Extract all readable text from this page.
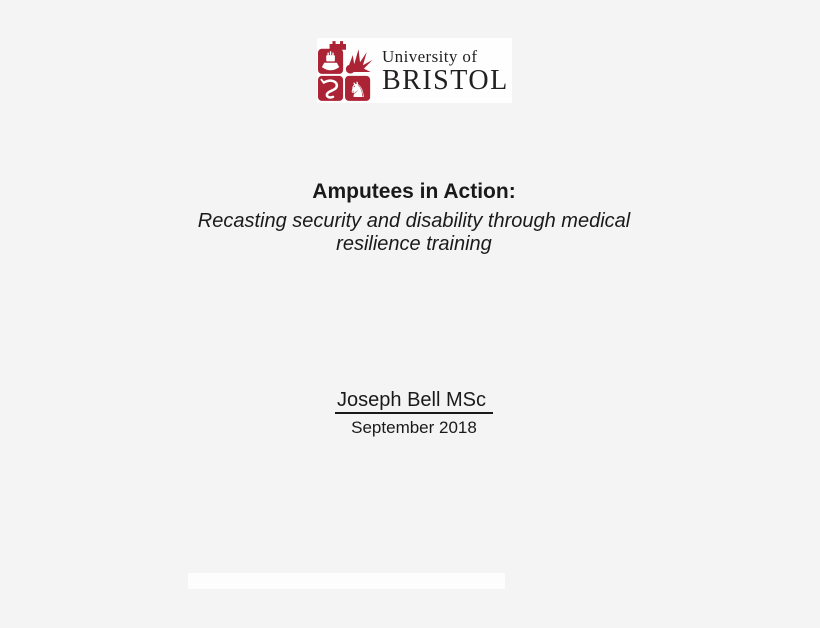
♞
University of
BRISTOL
Amputees in Action:
Recasting security and disability through medical
resilience training
Joseph Bell MSc
September 2018
